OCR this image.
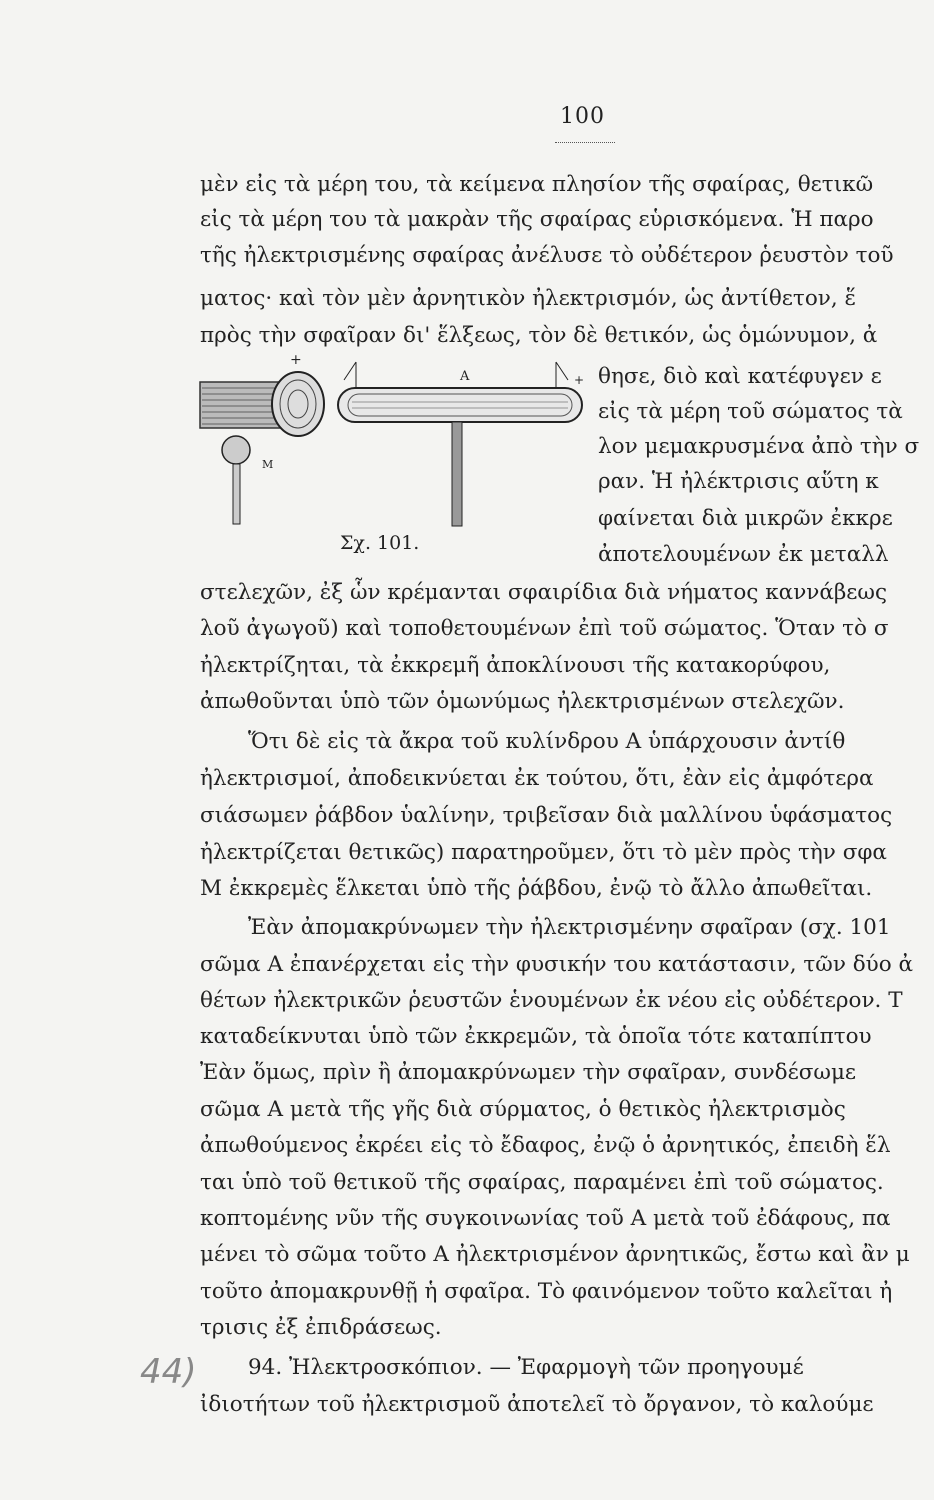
100
μὲν εἰς τὰ μέρη του, τὰ κείμενα πλησίον τῆς σφαίρας, θετικῶ
εἰς τὰ μέρη του τὰ μακρὰν τῆς σφαίρας εὑρισκόμενα. Ἡ παρο
τῆς ἠλεκτρισμένης σφαίρας ἀνέλυσε τὸ οὐδέτερον ῥευστὸν τοῦ
ματος· καὶ τὸν μὲν ἀρνητικὸν ἠλεκτρισμόν, ὡς ἀντίθετον, ἕ
πρὸς τὴν σφαῖραν δι' ἕλξεως, τὸν δὲ θετικόν, ὡς ὁμώνυμον, ἀ
+
M
A	+
Σχ. 101.
θησε, διὸ καὶ κατέφυγεν ε
εἰς τὰ μέρη τοῦ σώματος τὰ
λον μεμακρυσμένα ἀπὸ τὴν σ
ραν. Ἡ ἠλέκτρισις αὕτη κ
φαίνεται διὰ μικρῶν ἐκκρε
ἀποτελουμένων ἐκ μεταλλ
στελεχῶν, ἐξ ὧν κρέμανται σφαιρίδια διὰ νήματος καννάβεως
λοῦ ἀγωγοῦ) καὶ τοποθετουμένων ἐπὶ τοῦ σώματος. Ὅταν τὸ σ
ἠλεκτρίζηται, τὰ ἐκκρεμῆ ἀποκλίνουσι τῆς κατακορύφου,
ἀπωθοῦνται ὑπὸ τῶν ὁμωνύμως ἠλεκτρισμένων στελεχῶν.
Ὅτι δὲ εἰς τὰ ἄκρα τοῦ κυλίνδρου A ὑπάρχουσιν ἀντίθ
ἠλεκτρισμοί, ἀποδεικνύεται ἐκ τούτου, ὅτι, ἐὰν εἰς ἀμφότερα
σιάσωμεν ῥάβδον ὑαλίνην, τριβεῖσαν διὰ μαλλίνου ὑφάσματος
ἠλεκτρίζεται θετικῶς) παρατηροῦμεν, ὅτι τὸ μὲν πρὸς τὴν σφα
M ἐκκρεμὲς ἕλκεται ὑπὸ τῆς ῥάβδου, ἐνῷ τὸ ἄλλο ἀπωθεῖται.
Ἐὰν ἀπομακρύνωμεν τὴν ἠλεκτρισμένην σφαῖραν (σχ. 101
σῶμα A ἐπανέρχεται εἰς τὴν φυσικήν του κατάστασιν, τῶν δύο ἀ
θέτων ἠλεκτρικῶν ῥευστῶν ἑνουμένων ἐκ νέου εἰς οὐδέτερον. Τ
καταδείκνυται ὑπὸ τῶν ἐκκρεμῶν, τὰ ὁποῖα τότε καταπίπτου
Ἐὰν ὅμως, πρὶν ἢ ἀπομακρύνωμεν τὴν σφαῖραν, συνδέσωμε
σῶμα A μετὰ τῆς γῆς διὰ σύρματος, ὁ θετικὸς ἠλεκτρισμὸς
ἀπωθούμενος ἐκρέει εἰς τὸ ἔδαφος, ἐνῷ ὁ ἀρνητικός, ἐπειδὴ ἕλ
ται ὑπὸ τοῦ θετικοῦ τῆς σφαίρας, παραμένει ἐπὶ τοῦ σώματος.
κοπτομένης νῦν τῆς συγκοινωνίας τοῦ A μετὰ τοῦ ἐδάφους, πα
μένει τὸ σῶμα τοῦτο A ἠλεκτρισμένον ἀρνητικῶς, ἔστω καὶ ἂν μ
τοῦτο ἀπομακρυνθῇ ἡ σφαῖρα. Τὸ φαινόμενον τοῦτο καλεῖται ἠ
τρισις ἐξ ἐπιδράσεως.
94. Ἠλεκτροσκόπιον. — Ἐφαρμογὴ τῶν προηγουμέ
ἰδιοτήτων τοῦ ἠλεκτρισμοῦ ἀποτελεῖ τὸ ὄργανον, τὸ καλούμε
44)
